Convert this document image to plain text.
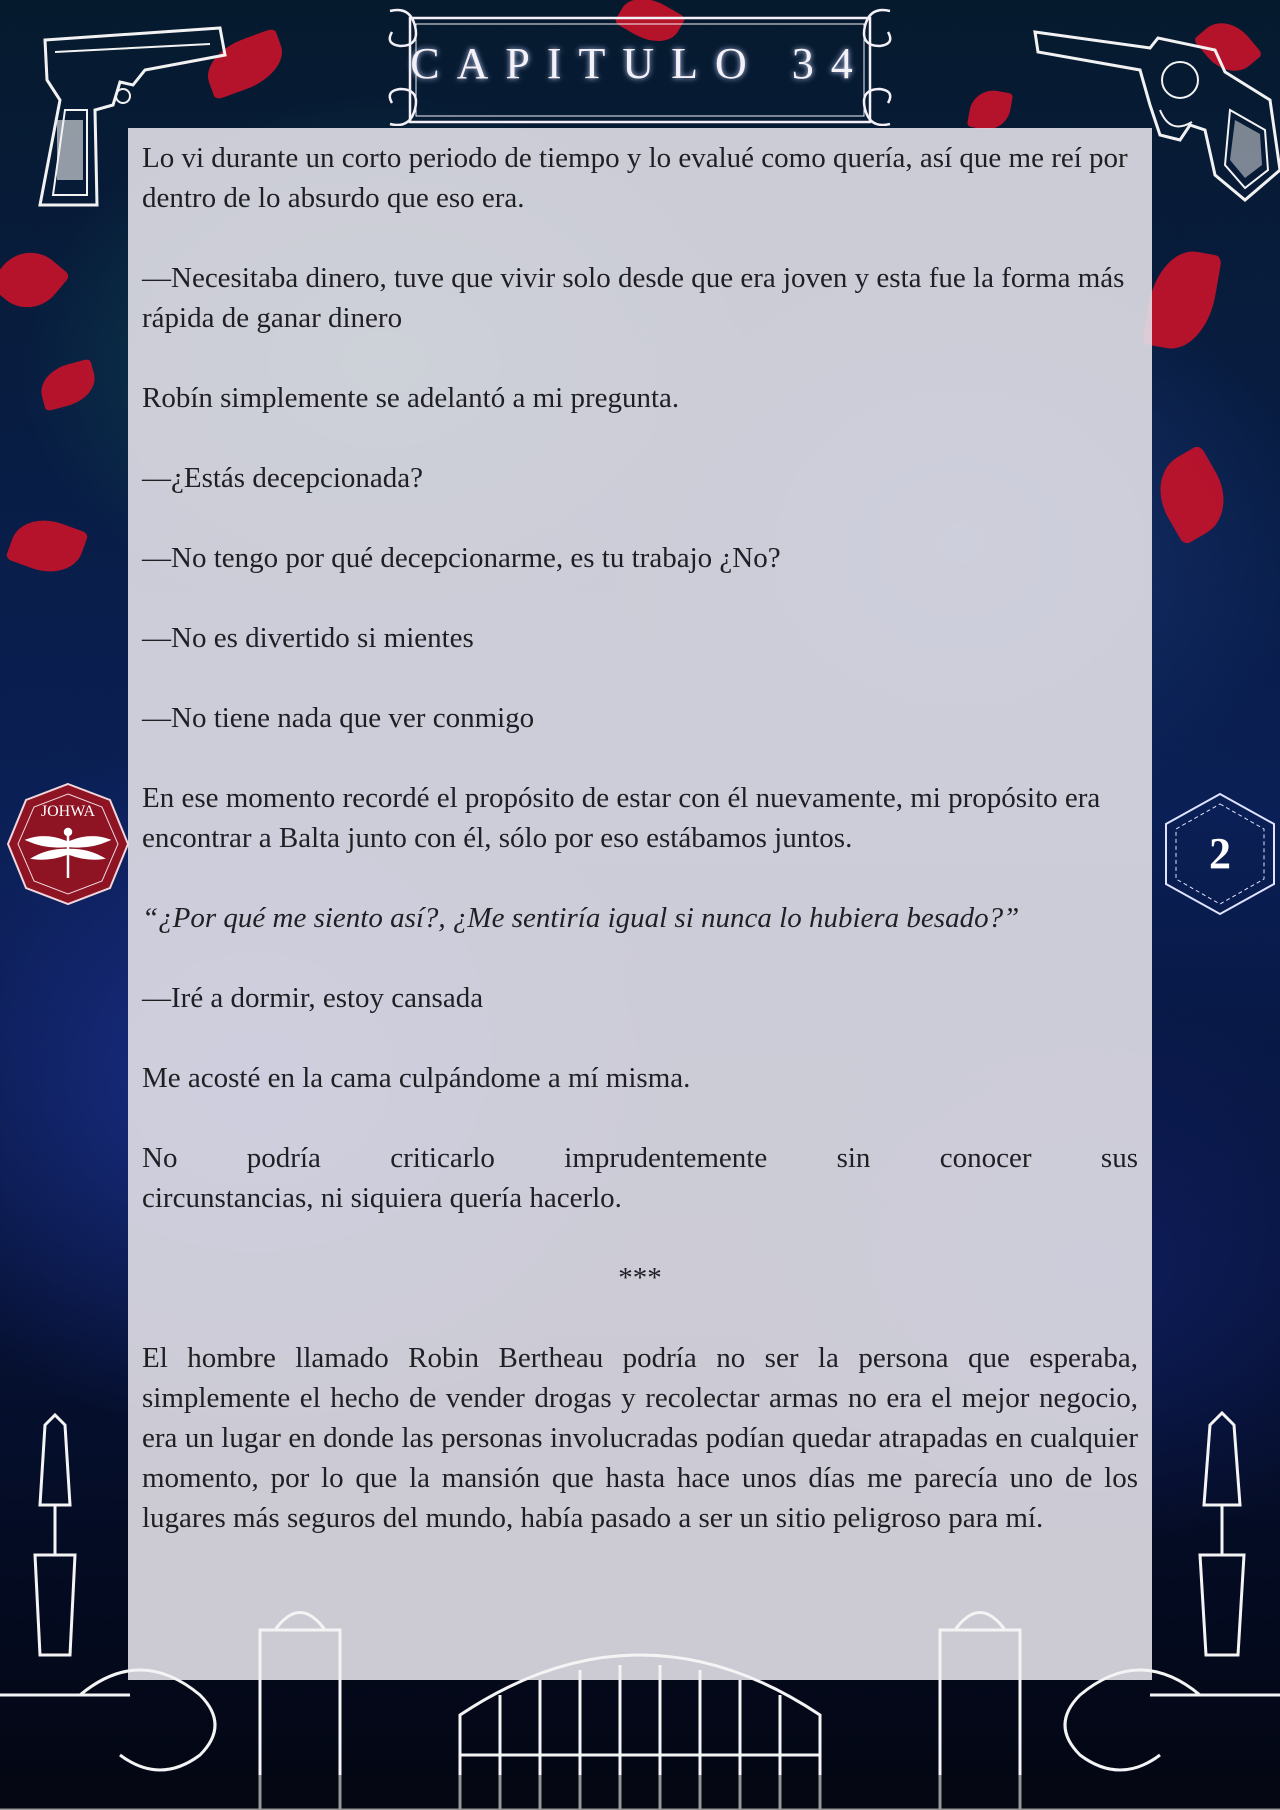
CAPITULO 34

Lo vi durante un corto periodo de tiempo y lo evalué como quería, así que me reí por dentro de lo absurdo que eso era.

—Necesitaba dinero, tuve que vivir solo desde que era joven y esta fue la forma más rápida de ganar dinero

Robín simplemente se adelantó a mi pregunta.

—¿Estás decepcionada?

—No tengo por qué decepcionarme, es tu trabajo ¿No?

—No es divertido si mientes

—No tiene nada que ver conmigo

En ese momento recordé el propósito de estar con él nuevamente, mi propósito era encontrar a Balta junto con él, sólo por eso estábamos juntos.

“¿Por qué me siento así?, ¿Me sentiría igual si nunca lo hubiera besado?”

—Iré a dormir, estoy cansada

Me acosté en la cama culpándome a mí misma.

No podría criticarlo imprudentemente sin conocer sus

circunstancias, ni siquiera quería hacerlo.

***

El hombre llamado Robin Bertheau podría no ser la persona que esperaba, simplemente el hecho de vender drogas y recolectar armas no era el mejor negocio, era un lugar en donde las personas involucradas podían quedar atrapadas en cualquier momento, por lo que la mansión que hasta hace unos días me parecía uno de los lugares más seguros del mundo, había pasado a ser un sitio peligroso para mí.

JOHWA
2
